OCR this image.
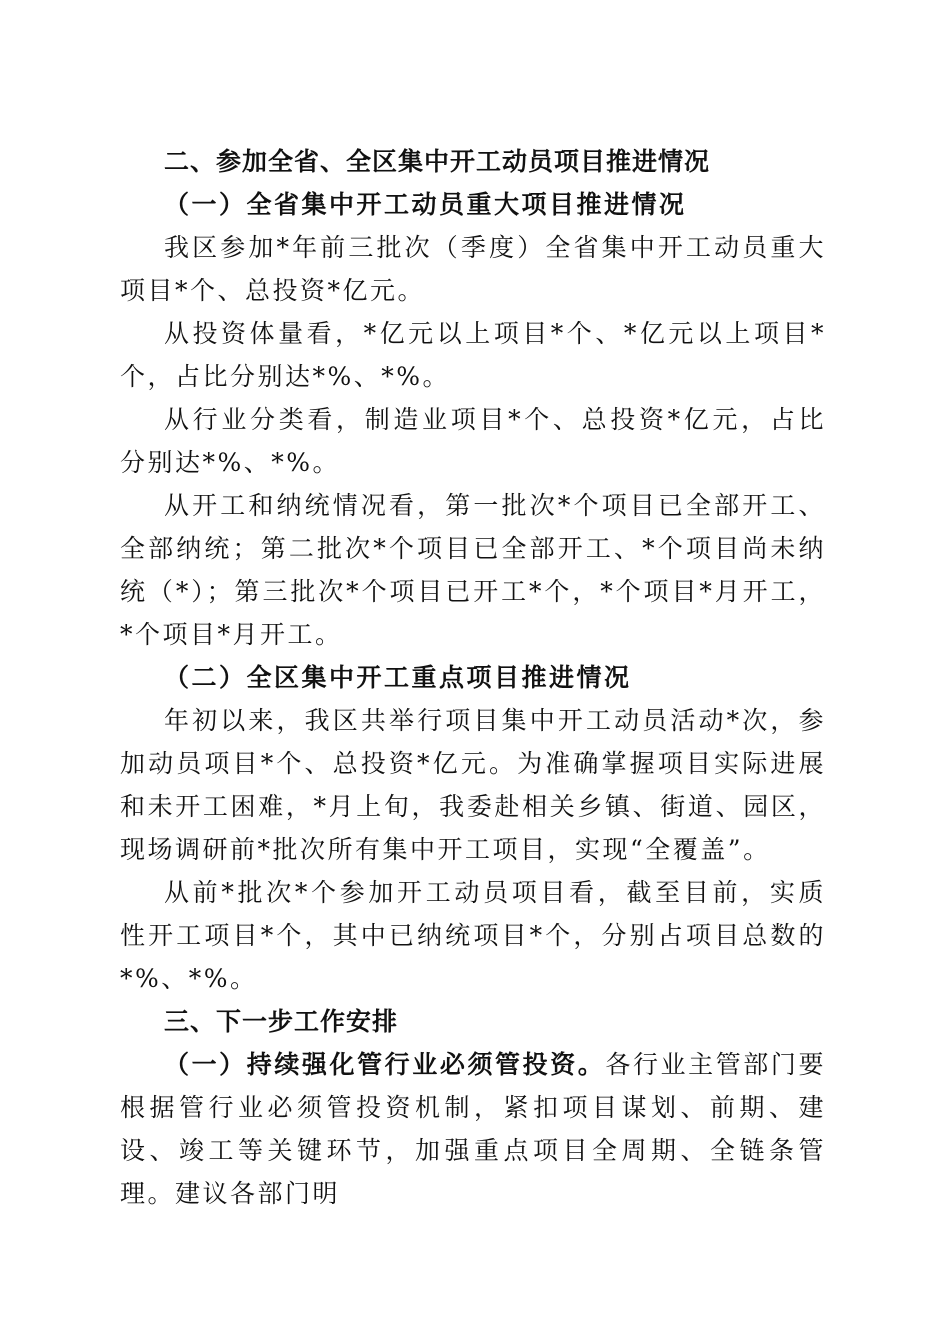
二、参加全省、全区集中开工动员项目推进情况

（一）全省集中开工动员重大项目推进情况

我区参加*年前三批次（季度）全省集中开工动员重大项目*个、总投资*亿元。

从投资体量看，*亿元以上项目*个、*亿元以上项目*个，占比分别达*%、*%。

从行业分类看，制造业项目*个、总投资*亿元，占比分别达*%、*%。

从开工和纳统情况看，第一批次*个项目已全部开工、全部纳统；第二批次*个项目已全部开工、*个项目尚未纳统（*）；第三批次*个项目已开工*个，*个项目*月开工，*个项目*月开工。

（二）全区集中开工重点项目推进情况

年初以来，我区共举行项目集中开工动员活动*次，参加动员项目*个、总投资*亿元。为准确掌握项目实际进展和未开工困难，*月上旬，我委赴相关乡镇、街道、园区，现场调研前*批次所有集中开工项目，实现“全覆盖”。

从前*批次*个参加开工动员项目看，截至目前，实质性开工项目*个，其中已纳统项目*个，分别占项目总数的*%、*%。

三、下一步工作安排

（一）持续强化管行业必须管投资。各行业主管部门要根据管行业必须管投资机制，紧扣项目谋划、前期、建设、竣工等关键环节，加强重点项目全周期、全链条管理。建议各部门明
